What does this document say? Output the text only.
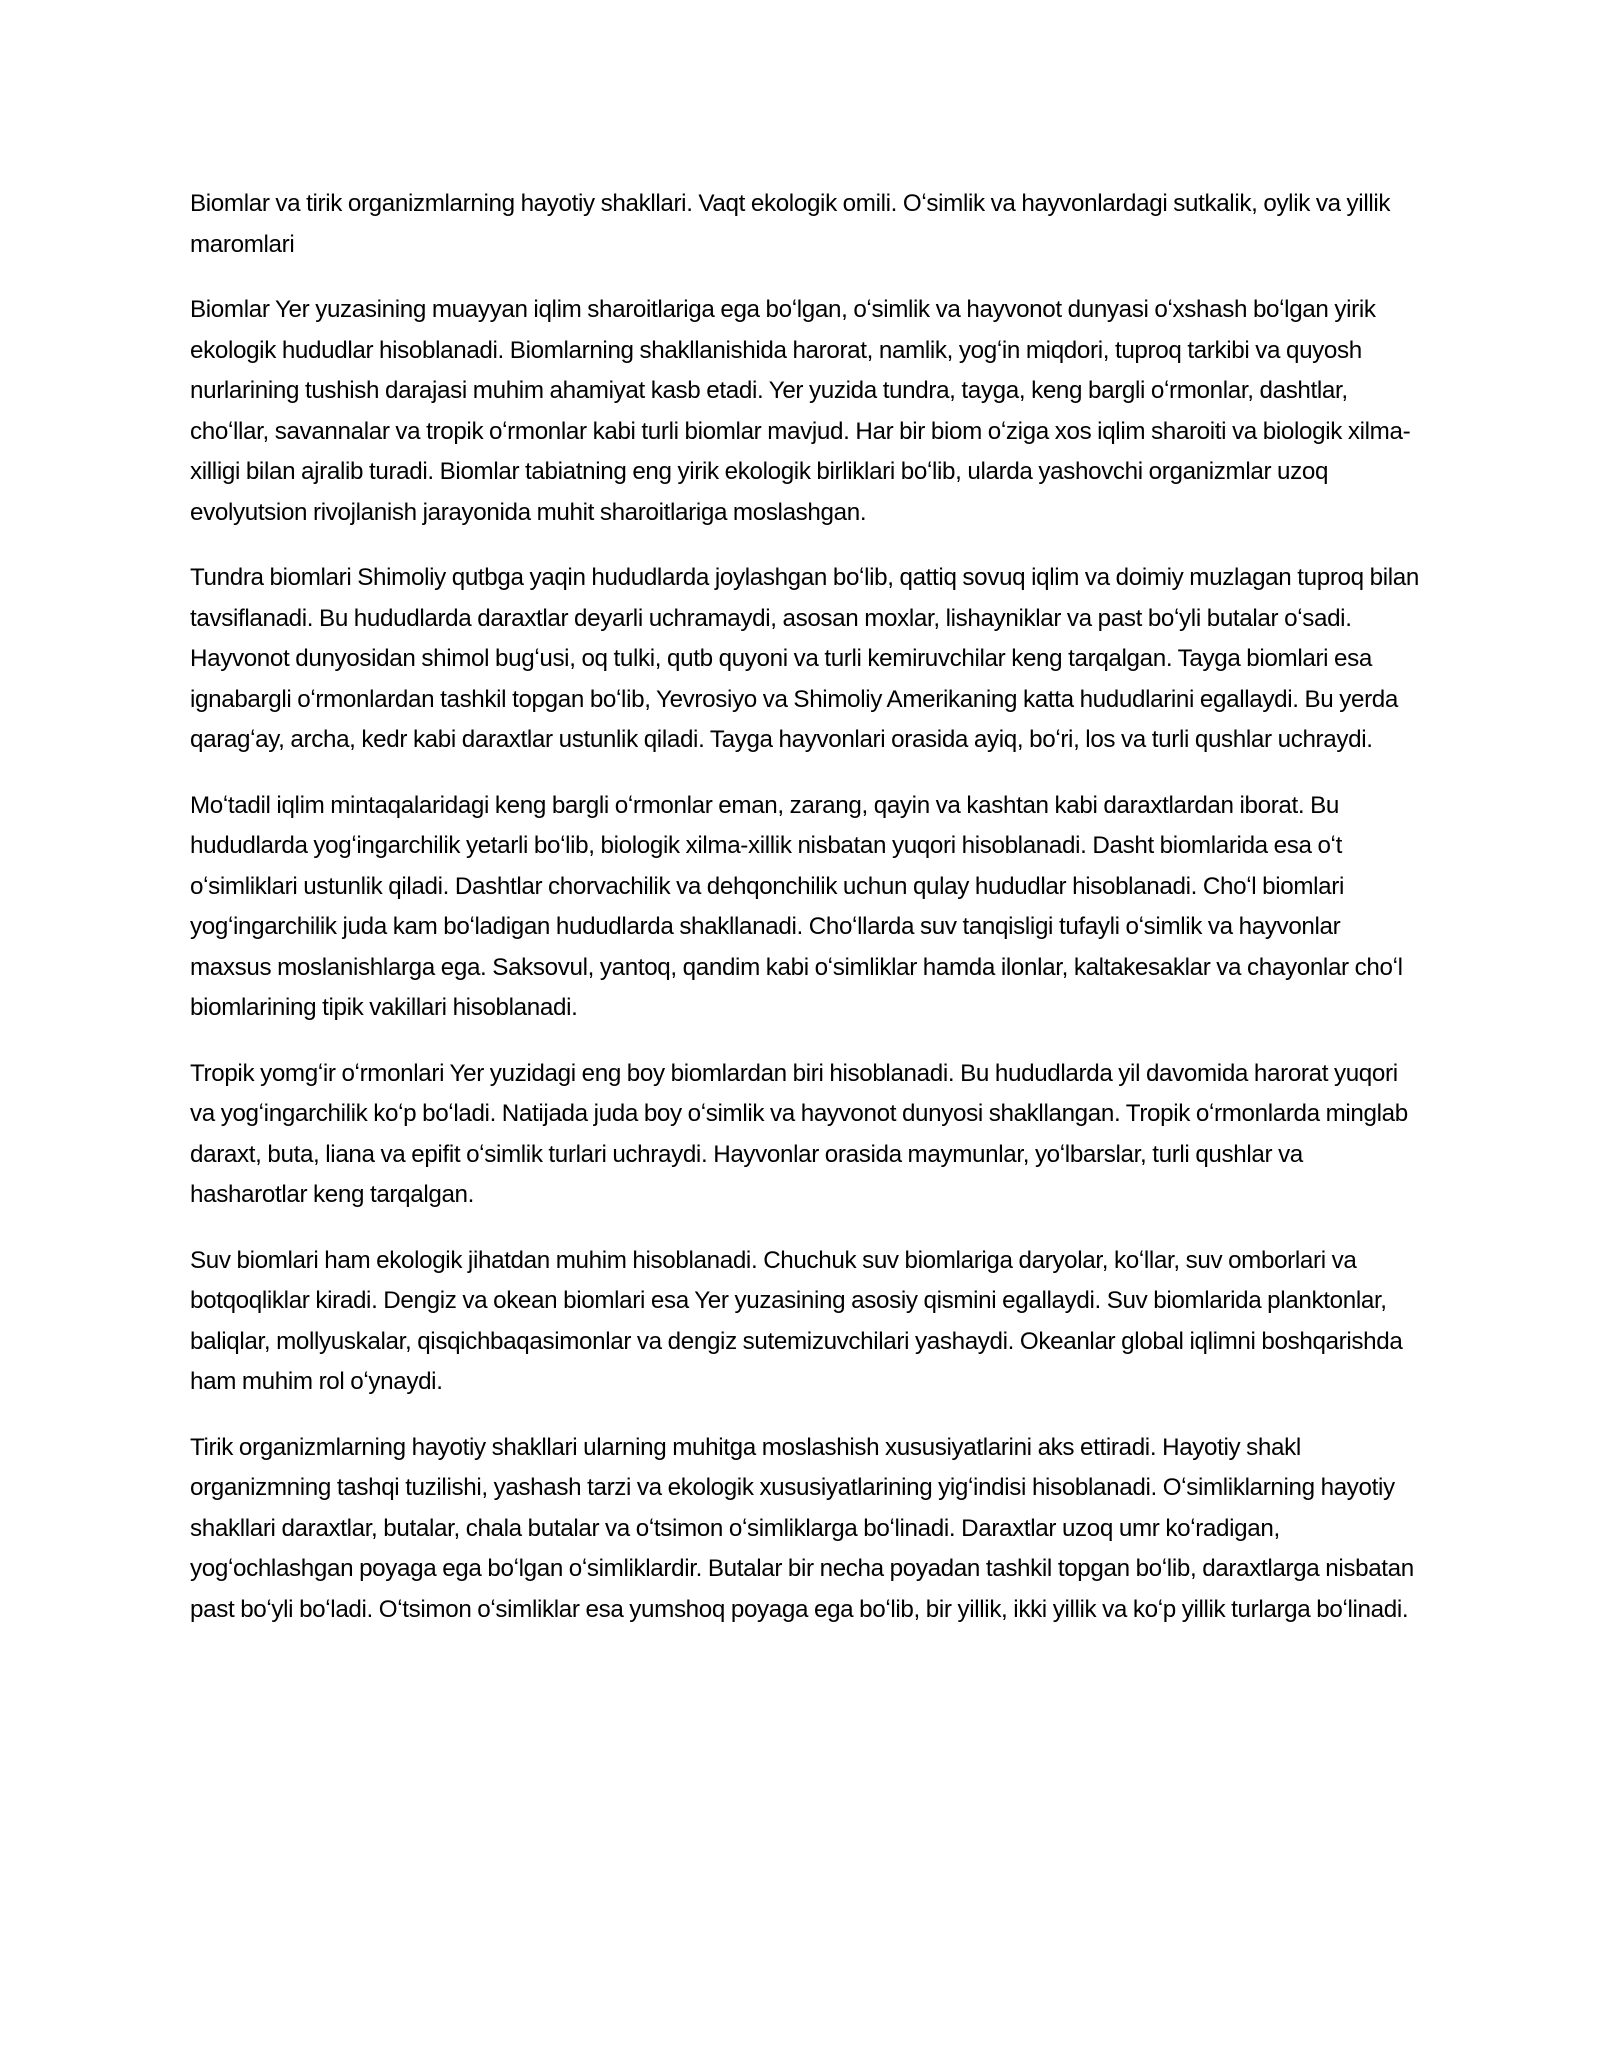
Biomlar va tirik organizmlarning hayotiy shakllari. Vaqt ekologik omili. Oʻsimlik va hayvonlardagi sutkalik, oylik va yillik maromlari

Biomlar Yer yuzasining muayyan iqlim sharoitlariga ega boʻlgan, oʻsimlik va hayvonot dunyasi oʻxshash boʻlgan yirik ekologik hududlar hisoblanadi. Biomlarning shakllanishida harorat, namlik, yogʻin miqdori, tuproq tarkibi va quyosh nurlarining tushish darajasi muhim ahamiyat kasb etadi. Yer yuzida tundra, tayga, keng bargli oʻrmonlar, dashtlar, choʻllar, savannalar va tropik oʻrmonlar kabi turli biomlar mavjud. Har bir biom oʻziga xos iqlim sharoiti va biologik xilma-xilligi bilan ajralib turadi. Biomlar tabiatning eng yirik ekologik birliklari boʻlib, ularda yashovchi organizmlar uzoq evolyutsion rivojlanish jarayonida muhit sharoitlariga moslashgan.

Tundra biomlari Shimoliy qutbga yaqin hududlarda joylashgan boʻlib, qattiq sovuq iqlim va doimiy muzlagan tuproq bilan tavsiflanadi. Bu hududlarda daraxtlar deyarli uchramaydi, asosan moxlar, lishayniklar va past boʻyli butalar oʻsadi. Hayvonot dunyosidan shimol bugʻusi, oq tulki, qutb quyoni va turli kemiruvchilar keng tarqalgan. Tayga biomlari esa ignabargli oʻrmonlardan tashkil topgan boʻlib, Yevrosiyo va Shimoliy Amerikaning katta hududlarini egallaydi. Bu yerda qaragʻay, archa, kedr kabi daraxtlar ustunlik qiladi. Tayga hayvonlari orasida ayiq, boʻri, los va turli qushlar uchraydi.

Moʻtadil iqlim mintaqalaridagi keng bargli oʻrmonlar eman, zarang, qayin va kashtan kabi daraxtlardan iborat. Bu hududlarda yogʻingarchilik yetarli boʻlib, biologik xilma-xillik nisbatan yuqori hisoblanadi. Dasht biomlarida esa oʻt oʻsimliklari ustunlik qiladi. Dashtlar chorvachilik va dehqonchilik uchun qulay hududlar hisoblanadi. Choʻl biomlari yogʻingarchilik juda kam boʻladigan hududlarda shakllanadi. Choʻllarda suv tanqisligi tufayli oʻsimlik va hayvonlar maxsus moslanishlarga ega. Saksovul, yantoq, qandim kabi oʻsimliklar hamda ilonlar, kaltakesaklar va chayonlar choʻl biomlarining tipik vakillari hisoblanadi.

Tropik yomgʻir oʻrmonlari Yer yuzidagi eng boy biomlardan biri hisoblanadi. Bu hududlarda yil davomida harorat yuqori va yogʻingarchilik koʻp boʻladi. Natijada juda boy oʻsimlik va hayvonot dunyosi shakllangan. Tropik oʻrmonlarda minglab daraxt, buta, liana va epifit oʻsimlik turlari uchraydi. Hayvonlar orasida maymunlar, yoʻlbarslar, turli qushlar va hasharotlar keng tarqalgan.

Suv biomlari ham ekologik jihatdan muhim hisoblanadi. Chuchuk suv biomlariga daryolar, koʻllar, suv omborlari va botqoqliklar kiradi. Dengiz va okean biomlari esa Yer yuzasining asosiy qismini egallaydi. Suv biomlarida planktonlar, baliqlar, mollyuskalar, qisqichbaqasimonlar va dengiz sutemizuvchilari yashaydi. Okeanlar global iqlimni boshqarishda ham muhim rol oʻynaydi.

Tirik organizmlarning hayotiy shakllari ularning muhitga moslashish xususiyatlarini aks ettiradi. Hayotiy shakl organizmning tashqi tuzilishi, yashash tarzi va ekologik xususiyatlarining yigʻindisi hisoblanadi. Oʻsimliklarning hayotiy shakllari daraxtlar, butalar, chala butalar va oʻtsimon oʻsimliklarga boʻlinadi. Daraxtlar uzoq umr koʻradigan, yogʻochlashgan poyaga ega boʻlgan oʻsimliklardir. Butalar bir necha poyadan tashkil topgan boʻlib, daraxtlarga nisbatan past boʻyli boʻladi. Oʻtsimon oʻsimliklar esa yumshoq poyaga ega boʻlib, bir yillik, ikki yillik va koʻp yillik turlarga boʻlinadi.
